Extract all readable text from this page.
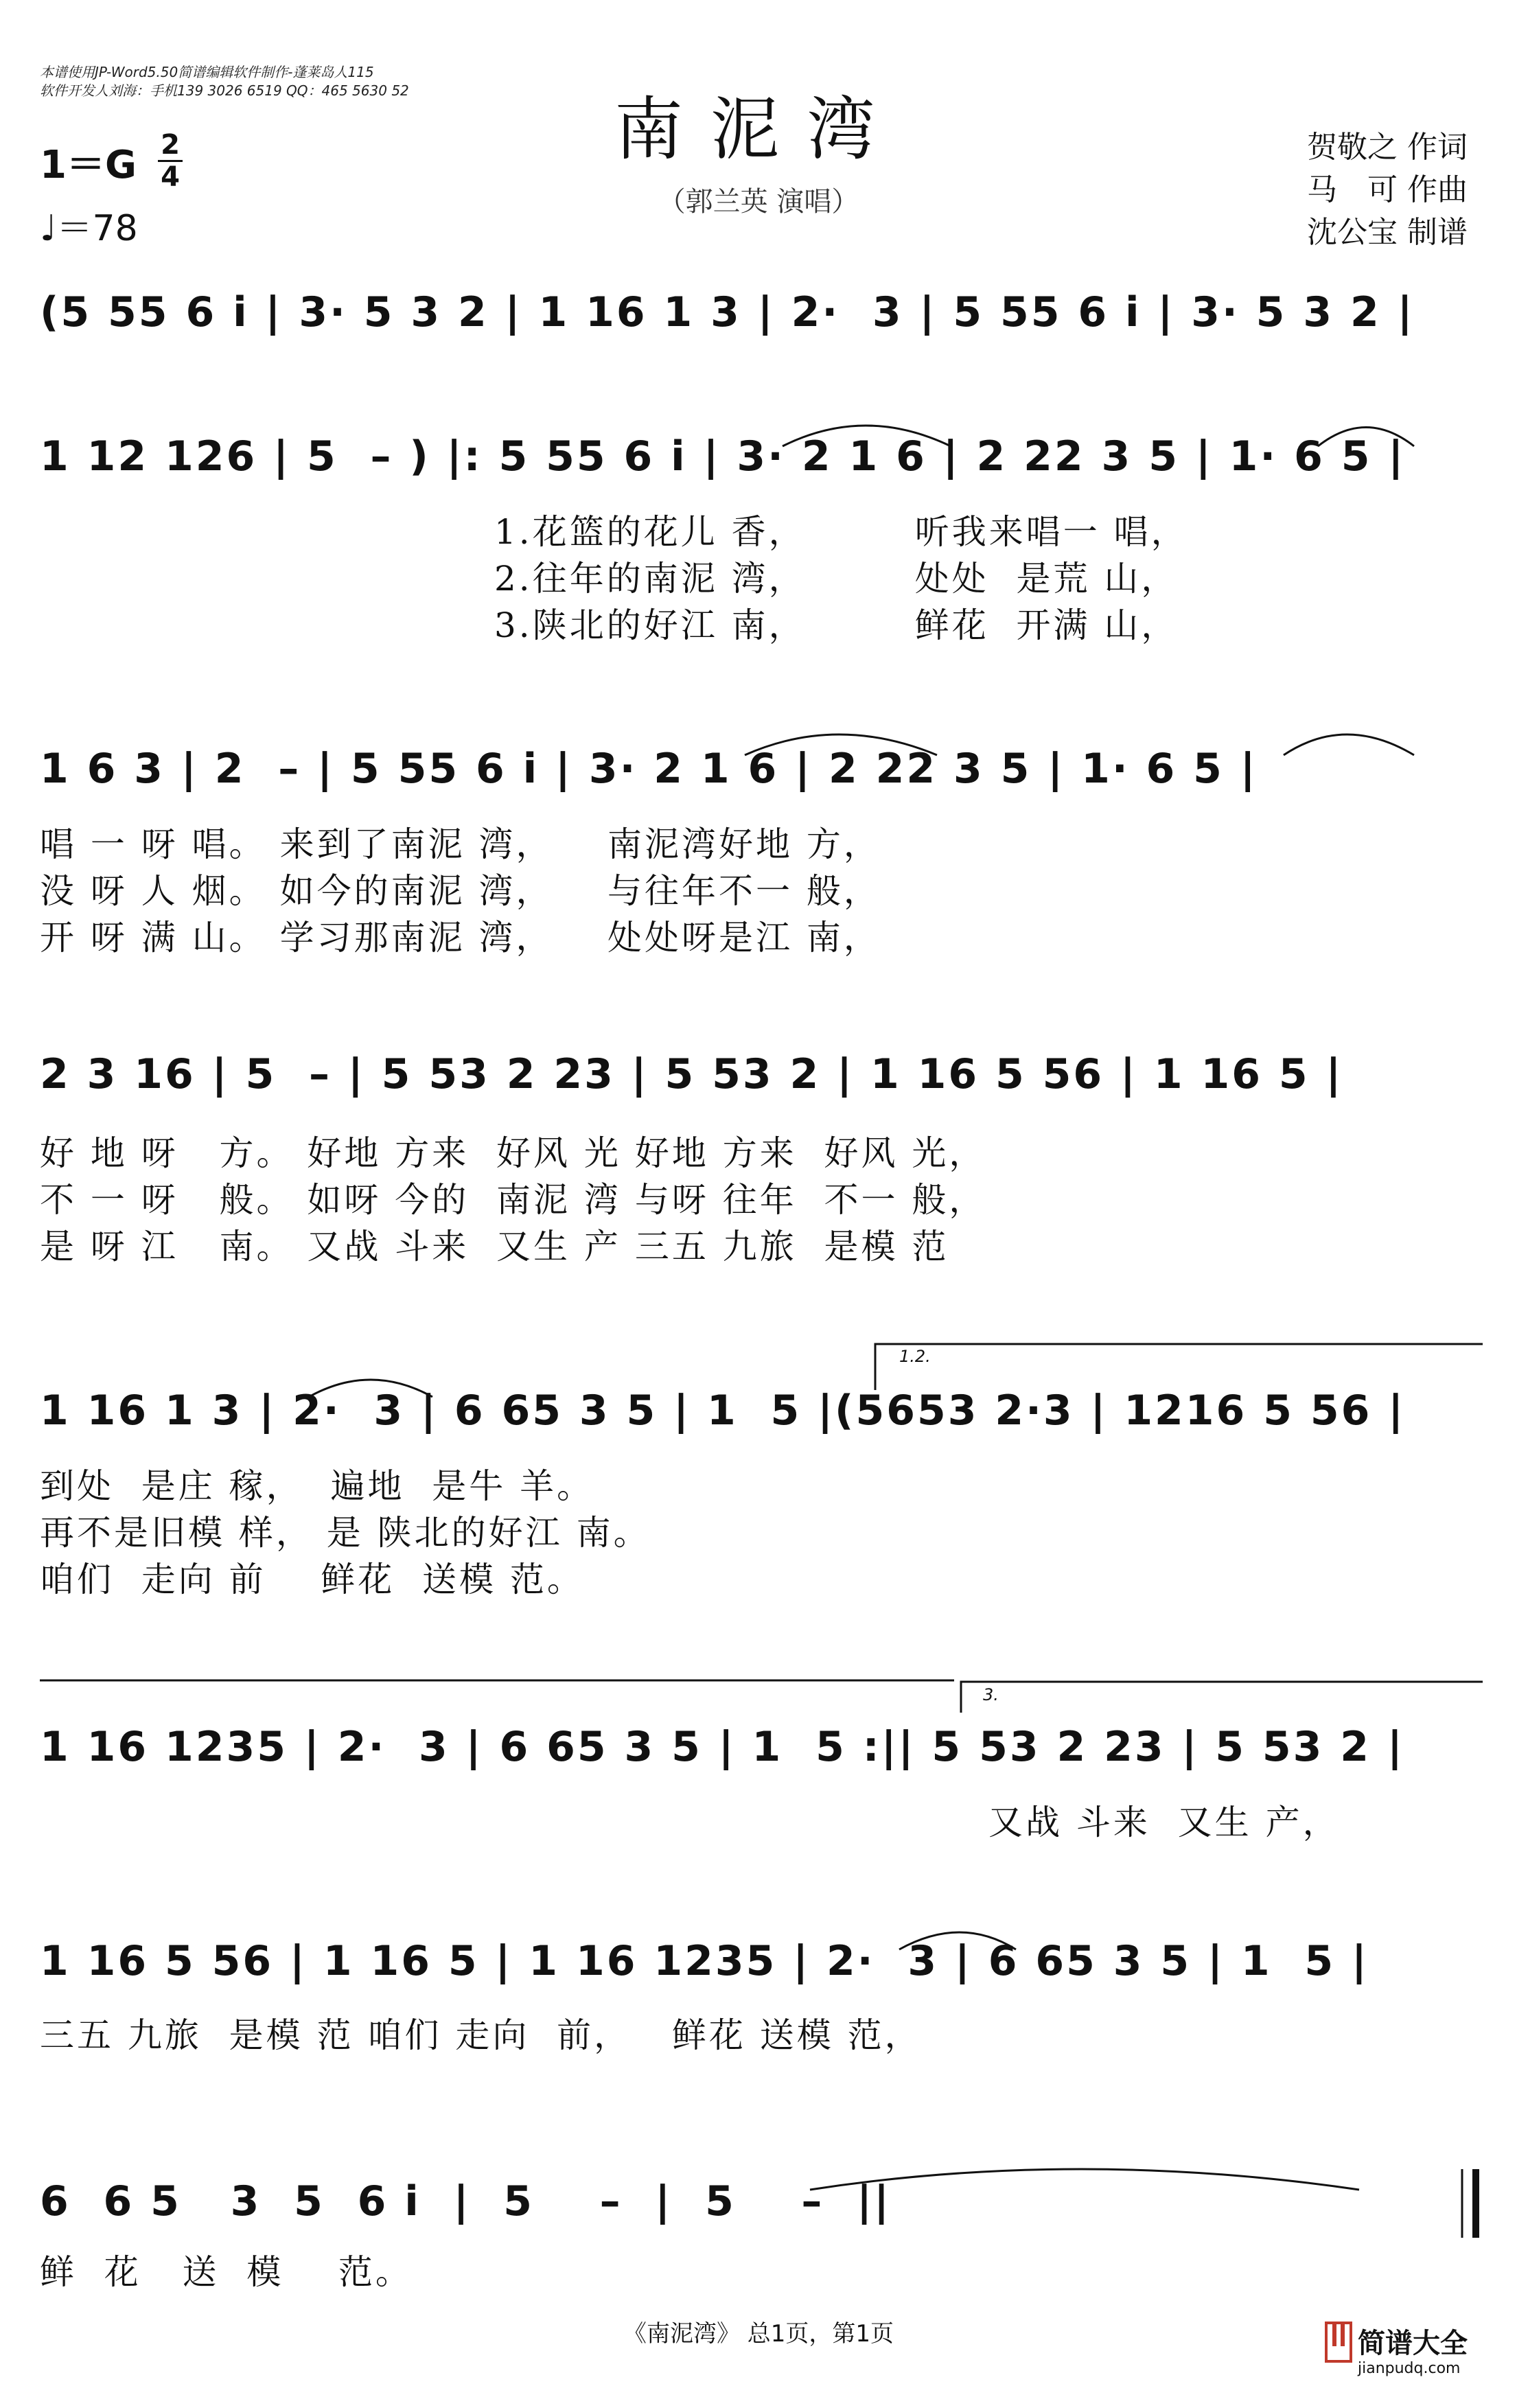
本谱使用JP-Word5.50简谱编辑软件制作-蓬莱岛人115
软件开发人刘海：手机139 3026 6519 QQ：465 5630 52	南泥湾
（郭兰英 演唱）
1＝G 2
4
♩＝78
贺敬之 作词
马　可 作曲
沈公宝 制谱
(5 55 6 i | 3· 5 3 2 | 1 16 1 3 | 2·  3 | 5 55 6 i | 3· 5 3 2 |
1 12 126 | 5  – ) |: 5 55 6 i | 3· 2 1 6 | 2 22 3 5 | 1· 6 5 |
1.花篮的花儿 香，        听我来唱一 唱，
2.往年的南泥 湾，        处处  是荒 山，
3.陕北的好江 南，        鲜花  开满 山，
1 6 3 | 2  – | 5 55 6 i | 3· 2 1 6 | 2 22 3 5 | 1· 6 5 |
唱 一 呀 唱。 来到了南泥 湾，    南泥湾好地 方，
没 呀 人 烟。 如今的南泥 湾，    与往年不一 般，
开 呀 满 山。 学习那南泥 湾，    处处呀是江 南，
2 3 16 | 5  – | 5 53 2 23 | 5 53 2 | 1 16 5 56 | 1 16 5 |
好 地 呀   方。 好地 方来  好风 光 好地 方来  好风 光，
不 一 呀   般。 如呀 今的  南泥 湾 与呀 往年  不一 般，
是 呀 江   南。 又战 斗来  又生 产 三五 九旅  是模 范
1.2.
1 16 1 3 | 2·  3 | 6 65 3 5 | 1  5 |(5653 2·3 | 1216 5 56 |
到处  是庄 稼，  遍地  是牛 羊。
再不是旧模 样， 是 陕北的好江 南。
咱们  走向 前    鲜花  送模 范。
3.
1 16 1235 | 2·  3 | 6 65 3 5 | 1  5 :|| 5 53 2 23 | 5 53 2 |
又战 斗来  又生 产，
1 16 5 56 | 1 16 5 | 1 16 1235 | 2·  3 | 6 65 3 5 | 1  5 |
三五 九旅  是模 范 咱们 走向  前，   鲜花 送模 范，
6  6 5   3  5  6 i  |  5    –  |  5    –  ||
鲜  花   送  模    范。
《南泥湾》 总1页，第1页	简谱大全
jianpudq.com
